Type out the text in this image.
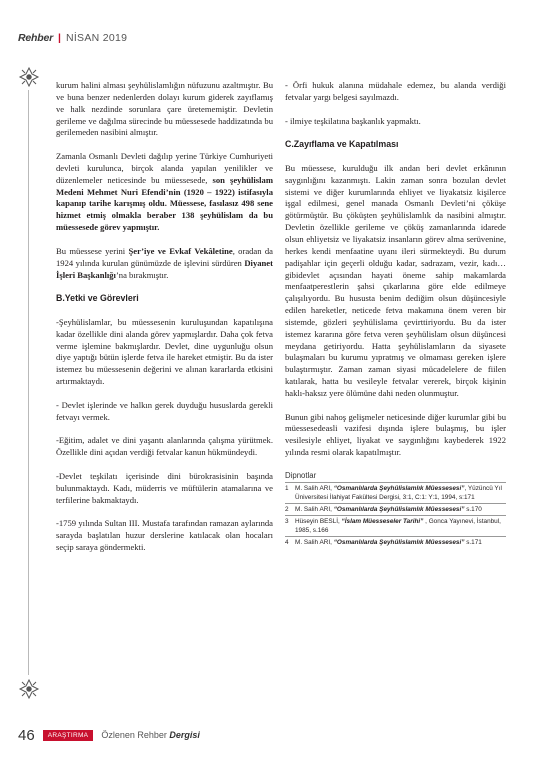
Rehber | NİSAN 2019

kurum halini alması şeyhülislamlığın nüfuzunu azaltmıştır. Bu ve buna benzer nedenlerden dolayı kurum giderek zayıflamış ve halk nezdinde sorunlara çare üretememiştir. Devletin gerileme ve dağılma sürecinde bu müessesede haddizatında bu gerilemeden nasibini almıştır.

Zamanla Osmanlı Devleti dağılıp yerine Türkiye Cumhuriyeti devleti kurulunca, birçok alanda yapılan yenilikler ve düzenlemeler neticesinde bu müessesede, son şeyhülislam Medeni Mehmet Nuri Efendi’nin (1920 – 1922) istifasıyla kapanıp tarihe karışmış oldu. Müessese, fasılasız 498 sene hizmet etmiş olmakla beraber 138 şeyhülislam da bu müessesede görev yapmıştır.

Bu müessese yerini Şer’iye ve Evkaf Vekâletine, oradan da 1924 yılında kurulan günümüzde de işlevini sürdüren Diyanet İşleri Başkanlığı’na bırakmıştır.

B.Yetki ve Görevleri

-Şeyhülislamlar, bu müessesenin kuruluşundan kapatılışına kadar özellikle dini alanda görev yapmışlardır. Daha çok fetva verme işlemine bakmışlardır. Devlet, dine uygunluğu olsun diye yaptığı bütün işlerde fetva ile hareket etmiştir. Bu da ister istemez bu müessesenin değerini ve alınan kararlarda etkisini artırmaktaydı.

- Devlet işlerinde ve halkın gerek duyduğu hususlarda gerekli fetvayı vermek.

-Eğitim, adalet ve dini yaşantı alanlarında çalışma yürütmek. Özellikle dini açıdan verdiği fetvalar kanun hükmündeydi.

-Devlet teşkilatı içerisinde dini bürokrasisinin başında bulunmaktaydı. Kadı, müderris ve müftülerin atamalarına ve terfilerine bakmaktaydı.

-1759 yılında Sultan III. Mustafa tarafından ramazan aylarında sarayda başlatılan huzur derslerine katılacak olan hocaları seçip saraya göndermekti.

- Örfi hukuk alanına müdahale edemez, bu alanda verdiği fetvalar yargı belgesi sayılmazdı.

- ilmiye teşkilatına başkanlık yapmaktı.

C.Zayıflama ve Kapatılması

Bu müessese, kurulduğu ilk andan beri devlet erkânının saygınlığını kazanmıştı. Lakin zaman sonra bozulan devlet sistemi ve diğer kurumlarında ehliyet ve liyakatsiz kişilerce işgal edilmesi, genel manada Osmanlı Devleti’ni çöküşe götürmüştür. Bu çöküşten şeyhülislamlık da nasibini almıştır. Devletin özellikle gerileme ve çöküş zamanlarında idarede olsun ehliyetsiz ve liyakatsiz insanların görev alma serüvenine, herkes kendi menfaatine uyanı ileri sürmekteydi. Bu durum padişahlar için geçerli olduğu kadar, sadrazam, vezir, kadı… gibidevlet açısından hayati öneme sahip makamlarda menfaatperestlerin şahsi çıkarlarına göre elde edilmeye çalışılıyordu. Bu hususta benim dediğim olsun düşüncesiyle edilen hareketler, neticede fetva makamına önem veren bir sistemde, gözleri şeyhülislama çevirttiriyordu. Bu da ister istemez kararına göre fetva veren şeyhülislam olsun düşüncesi meydana getiriyordu. Hatta şeyhülislamların da siyasete bulaşmaları bu kurumu yıpratmış ve olmaması gereken işlere bulaştırmıştır. Zaman zaman siyasi mücadelelere de fiilen katılarak, hatta bu vesileyle fetvalar vererek, birçok kişinin haklı-haksız yere ölümüne dahi neden olunmuştur.

Bunun gibi nahoş gelişmeler neticesinde diğer kurumlar gibi bu müessesedeasli vazifesi dışında işlere bulaşmış, bu işler vesilesiyle ehliyet, liyakat ve saygınlığını kaybederek 1922 yılında resmi olarak kapatılmıştır.

Dipnotlar
1	M. Salih ARI, “Osmanlılarda Şeyhülislamlık Müessesesi”, Yüzüncü Yıl Üniversitesi İlahiyat Fakültesi Dergisi, 3:1, C:1: Y:1, 1994, s:171
2	M. Salih ARI, “Osmanlılarda Şeyhülislamlık Müessesesi” s.170
3	Hüseyin BESLİ, “İslam Müesseseler Tarihi” , Gonca Yayınevi, İstanbul, 1985, s.166
4	M. Salih ARI, “Osmanlılarda Şeyhülislamlık Müessesesi” s.171
46	ARAŞTIRMA	Özlenen Rehber Dergisi
